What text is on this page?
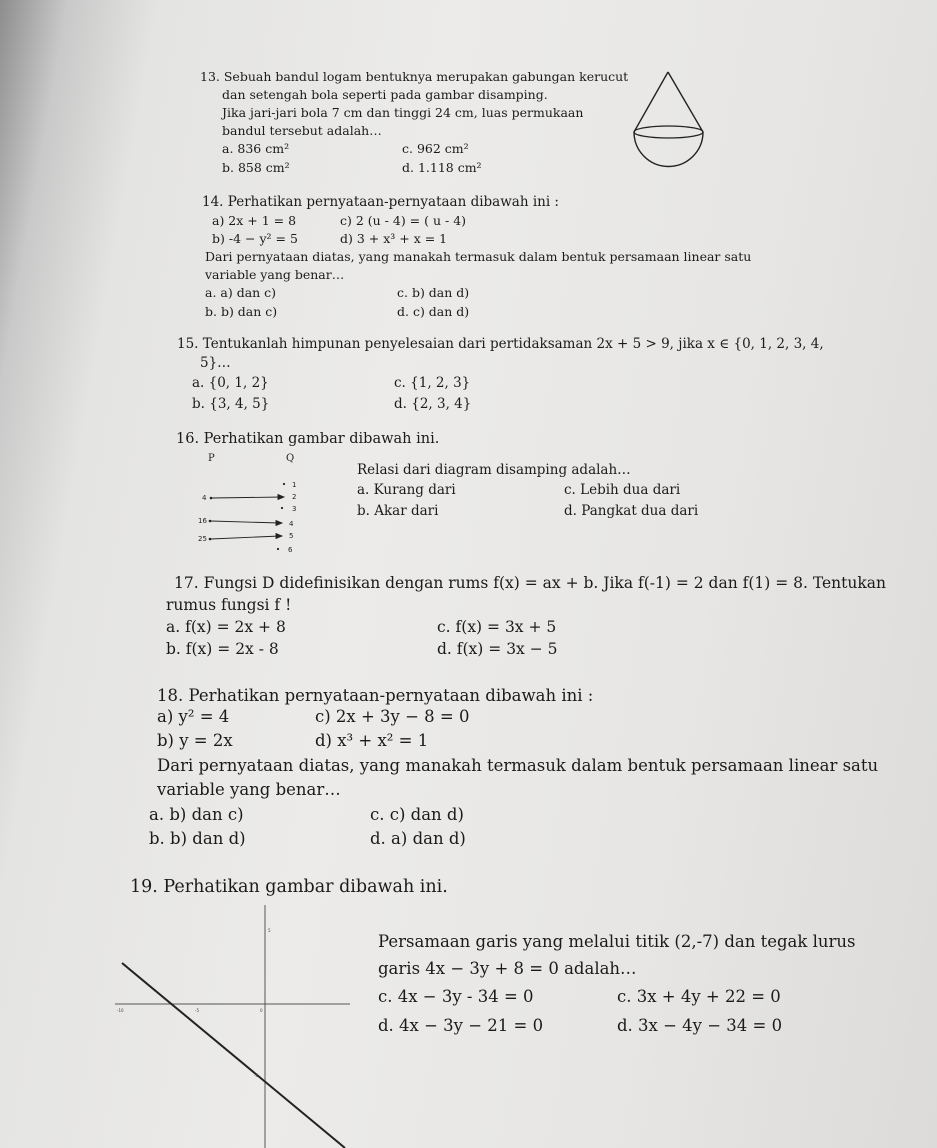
13. Sebuah bandul logam bentuknya merupakan gabungan kerucut
dan setengah bola seperti pada gambar disamping.
Jika jari-jari bola 7 cm dan tinggi 24 cm, luas permukaan
bandul tersebut adalah…
a. 836 cm²
b. 858 cm²
c. 962 cm²
d. 1.118 cm²
14. Perhatikan pernyataan-pernyataan dibawah ini :
a) 2x + 1 = 8
b) -4 − y² = 5
c) 2 (u - 4) = ( u - 4)
d) 3 + x³ + x = 1
Dari pernyataan diatas, yang manakah termasuk dalam bentuk persamaan linear satu
variable yang benar…
a. a) dan c)
b. b) dan c)
c. b) dan d)
d. c) dan d)
15. Tentukanlah himpunan penyelesaian dari pertidaksaman 2x + 5 > 9, jika x ∈ {0, 1, 2, 3, 4,
5}…
a. {0, 1, 2}
b. {3, 4, 5}
c. {1, 2, 3}
d. {2, 3, 4}
16. Perhatikan gambar dibawah ini.
P	Q
4
16
25
1
2
3
4
5
6
Relasi dari diagram disamping adalah…
a. Kurang dari
b. Akar dari
c. Lebih dua dari
d. Pangkat dua dari
17. Fungsi D didefinisikan dengan rums f(x) = ax + b. Jika f(-1) = 2 dan f(1) = 8. Tentukan
rumus fungsi f !
a. f(x) = 2x + 8
b. f(x) = 2x - 8
c. f(x) = 3x + 5
d. f(x) = 3x − 5
18. Perhatikan pernyataan-pernyataan dibawah ini :
a) y² = 4
b) y = 2x
c) 2x + 3y − 8 = 0
d) x³ + x² = 1
Dari pernyataan diatas, yang manakah termasuk dalam bentuk persamaan linear satu
variable yang benar…
a. b) dan c)
b. b) dan d)
c. c) dan d)
d. a) dan d)
19. Perhatikan gambar dibawah ini.
-10	-5	0
5
-5
Persamaan garis yang melalui titik (2,-7) dan tegak lurus
garis 4x − 3y + 8 = 0 adalah…
c. 4x − 3y - 34 = 0
d. 4x − 3y − 21 = 0
c. 3x + 4y + 22 = 0
d. 3x − 4y − 34 = 0
